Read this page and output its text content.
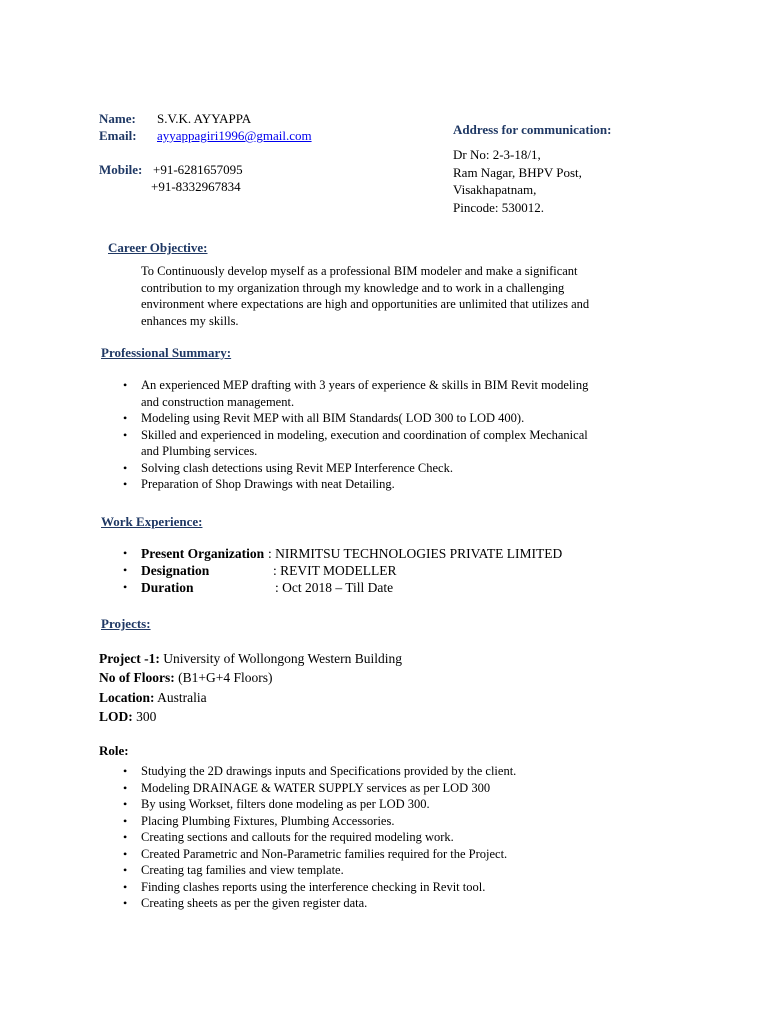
Name: S.V.K. AYYAPPA
Email: ayyappagiri1996@gmail.com
Mobile: +91-6281657095
+91-8332967834
Address for communication:
Dr No: 2-3-18/1,
Ram Nagar, BHPV Post,
Visakhapatnam,
Pincode: 530012.
Career Objective:
To Continuously develop myself as a professional BIM modeler and make a significant
contribution to my organization through my knowledge and to work in a challenging
environment where expectations are high and opportunities are unlimited that utilizes and
enhances my skills.
Professional Summary:
• An experienced MEP drafting with 3 years of experience & skills in BIM Revit modeling
and construction management.
• Modeling using Revit MEP with all BIM Standards( LOD 300 to LOD 400).
• Skilled and experienced in modeling, execution and coordination of complex Mechanical
and Plumbing services.
• Solving clash detections using Revit MEP Interference Check.
• Preparation of Shop Drawings with neat Detailing.
Work Experience:
• Present Organization : NIRMITSU TECHNOLOGIES PRIVATE LIMITED
• Designation	: REVIT MODELLER
• Duration	: Oct 2018 – Till Date
Projects:
Project -1: University of Wollongong Western Building
No of Floors: (B1+G+4 Floors)
Location: Australia
LOD: 300
Role:
• Studying the 2D drawings inputs and Specifications provided by the client.
• Modeling DRAINAGE & WATER SUPPLY services as per LOD 300
• By using Workset, filters done modeling as per LOD 300.
• Placing Plumbing Fixtures, Plumbing Accessories.
• Creating sections and callouts for the required modeling work.
• Created Parametric and Non-Parametric families required for the Project.
• Creating tag families and view template.
• Finding clashes reports using the interference checking in Revit tool.
• Creating sheets as per the given register data.
